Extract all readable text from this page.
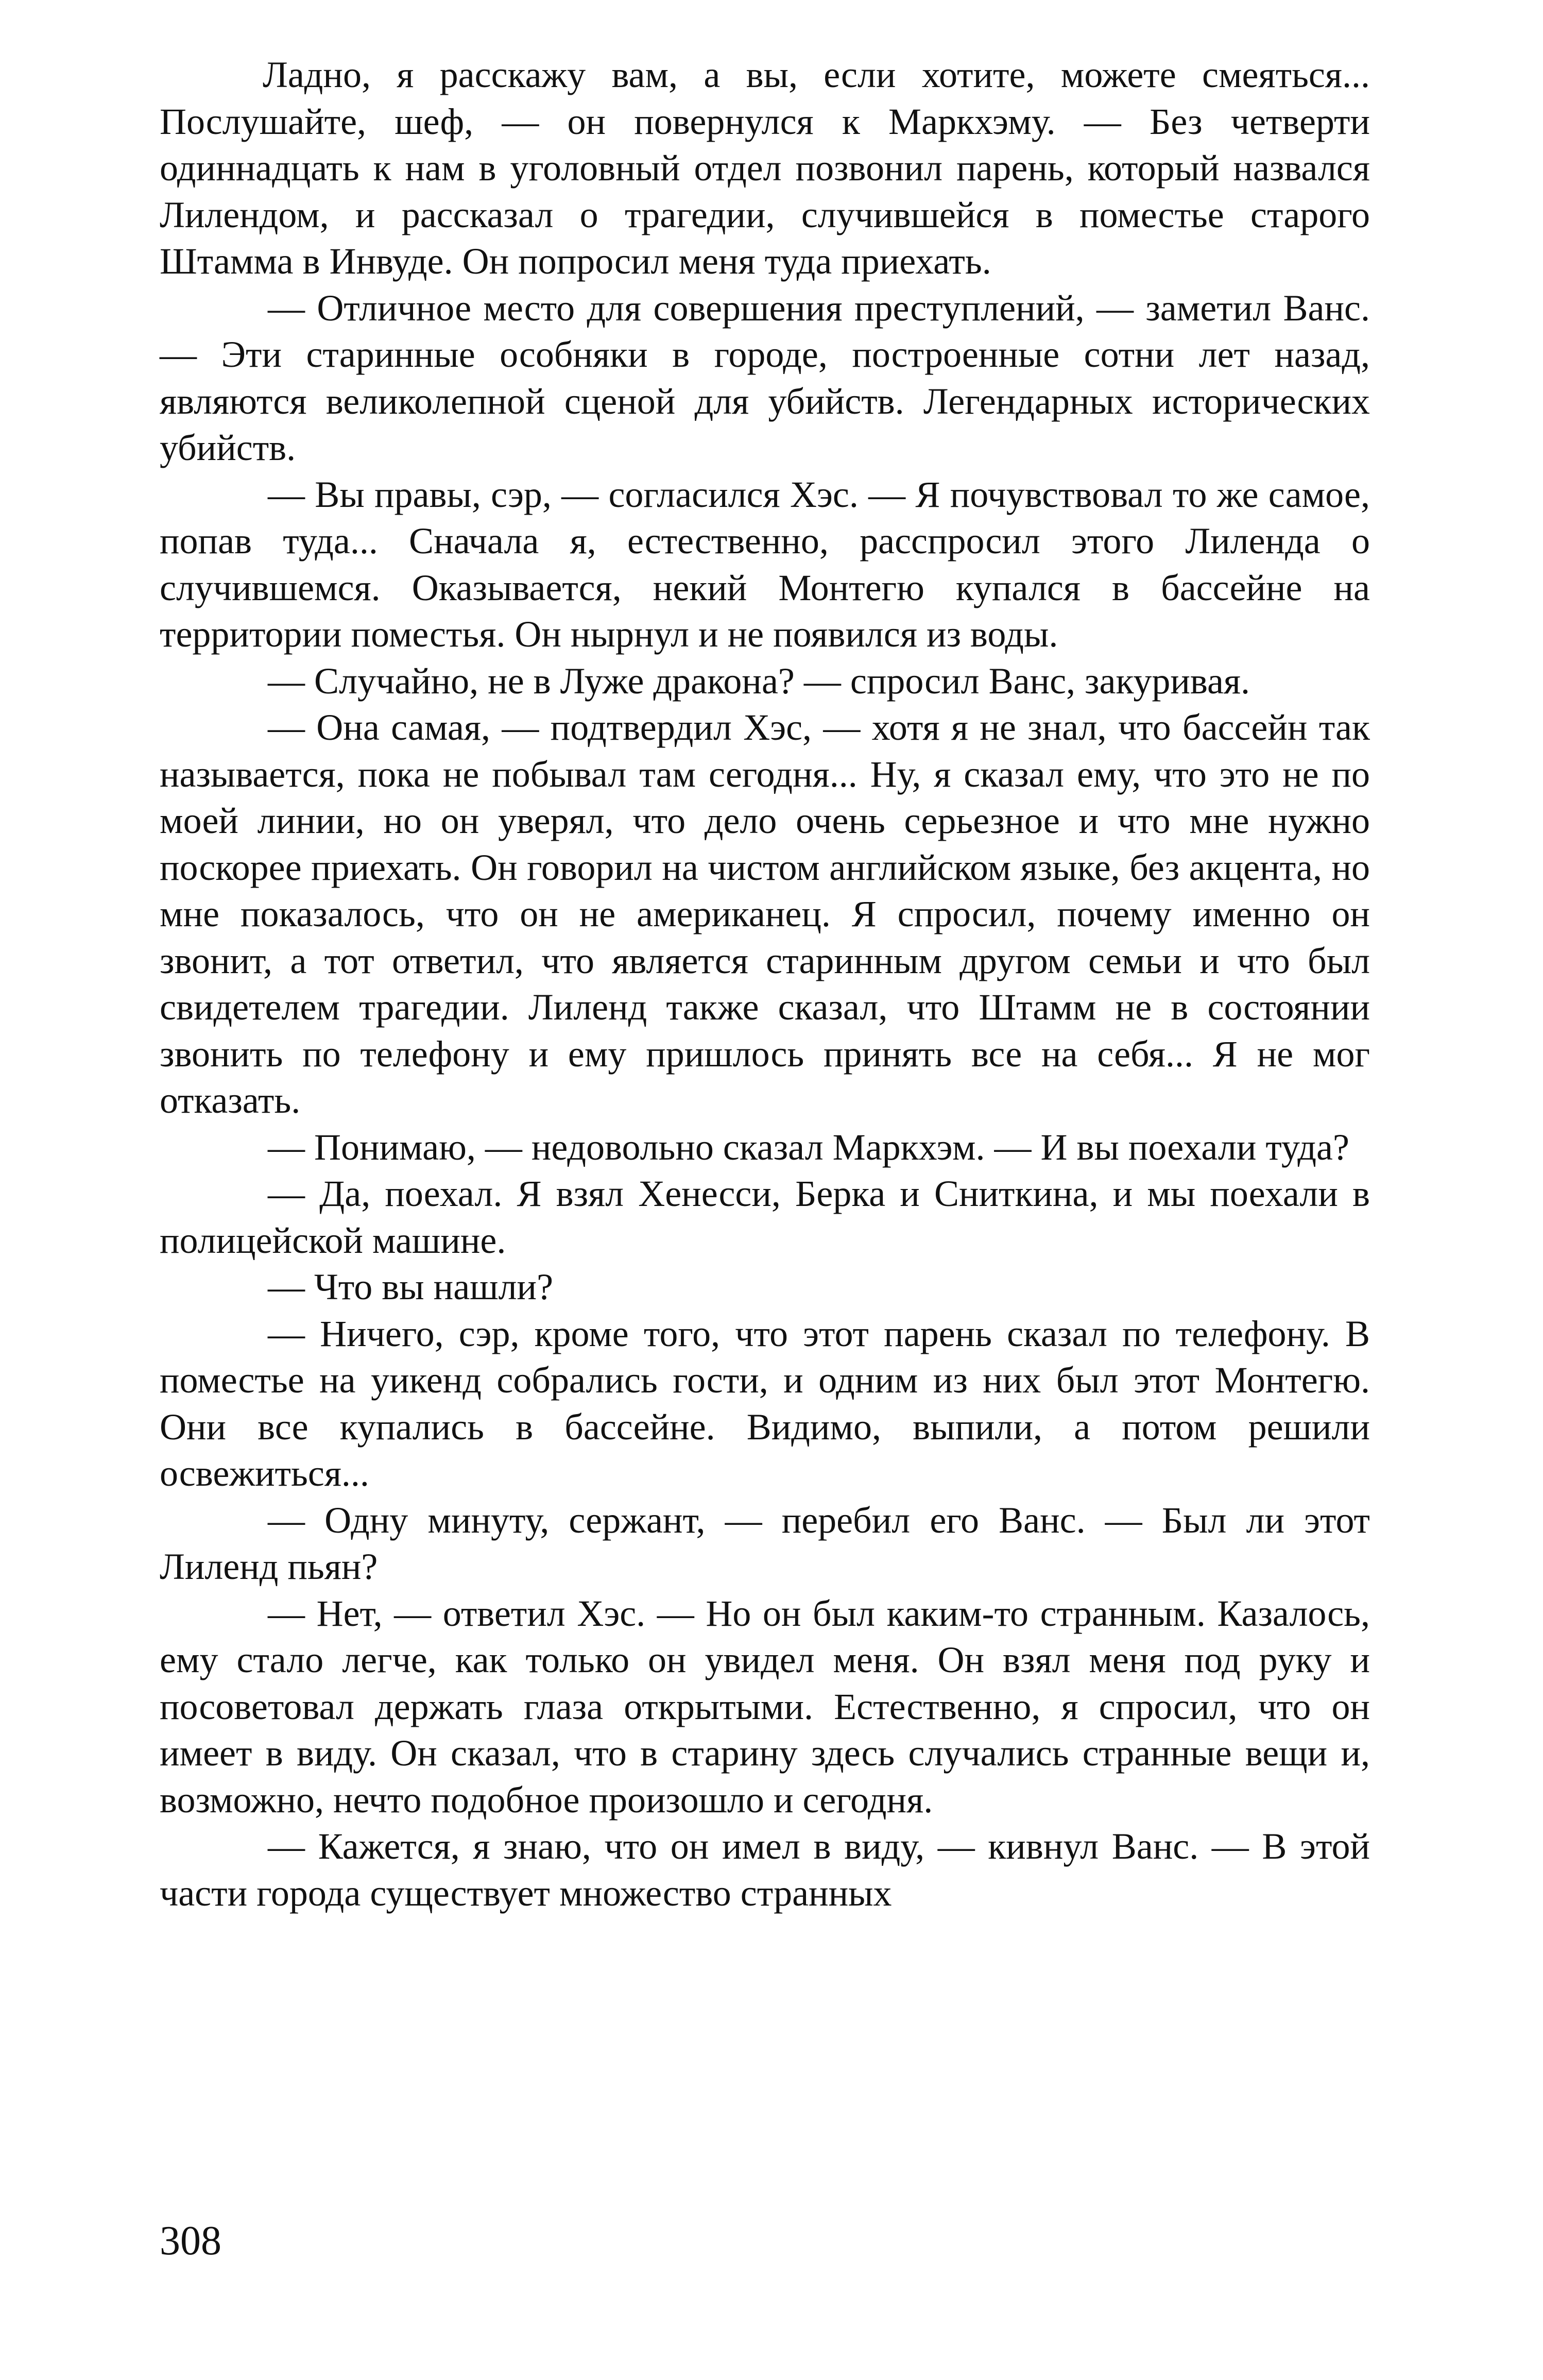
Ладно, я расскажу вам, а вы, если хотите, можете смеяться... Послушайте, шеф, — он повернулся к Маркхэму. — Без четверти одиннадцать к нам в уголовный отдел позвонил парень, который назвался Лилендом, и рассказал о трагедии, случившейся в поместье старого Штамма в Инвуде. Он попросил меня туда приехать.

— Отличное место для совершения преступлений, — заметил Ванс. — Эти старинные особняки в городе, построенные сотни лет назад, являются великолепной сценой для убийств. Легендарных исторических убийств.

— Вы правы, сэр, — согласился Хэс. — Я почувствовал то же самое, попав туда... Сначала я, естественно, расспросил этого Лиленда о случившемся. Оказывается, некий Монтегю купался в бассейне на территории поместья. Он нырнул и не появился из воды.

— Случайно, не в Луже дракона? — спросил Ванс, закуривая.

— Она самая, — подтвердил Хэс, — хотя я не знал, что бассейн так называется, пока не побывал там сегодня... Ну, я сказал ему, что это не по моей линии, но он уверял, что дело очень серьезное и что мне нужно поскорее приехать. Он говорил на чистом английском языке, без акцента, но мне показалось, что он не американец. Я спросил, почему именно он звонит, а тот ответил, что является старинным другом семьи и что был свидетелем трагедии. Лиленд также сказал, что Штамм не в состоянии звонить по телефону и ему пришлось принять все на себя... Я не мог отказать.

— Понимаю, — недовольно сказал Маркхэм. — И вы поехали туда?

— Да, поехал. Я взял Хенесси, Берка и Сниткина, и мы поехали в полицейской машине.

— Что вы нашли?

— Ничего, сэр, кроме того, что этот парень сказал по телефону. В поместье на уикенд собрались гости, и одним из них был этот Монтегю. Они все купались в бассейне. Видимо, выпили, а потом решили освежиться...

— Одну минуту, сержант, — перебил его Ванс. — Был ли этот Лиленд пьян?

— Нет, — ответил Хэс. — Но он был каким-то странным. Казалось, ему стало легче, как только он увидел меня. Он взял меня под руку и посоветовал держать глаза открытыми. Естественно, я спросил, что он имеет в виду. Он сказал, что в старину здесь случались странные вещи и, возможно, нечто подобное произошло и сегодня.

— Кажется, я знаю, что он имел в виду, — кивнул Ванс. — В этой части города существует множество странных

308
